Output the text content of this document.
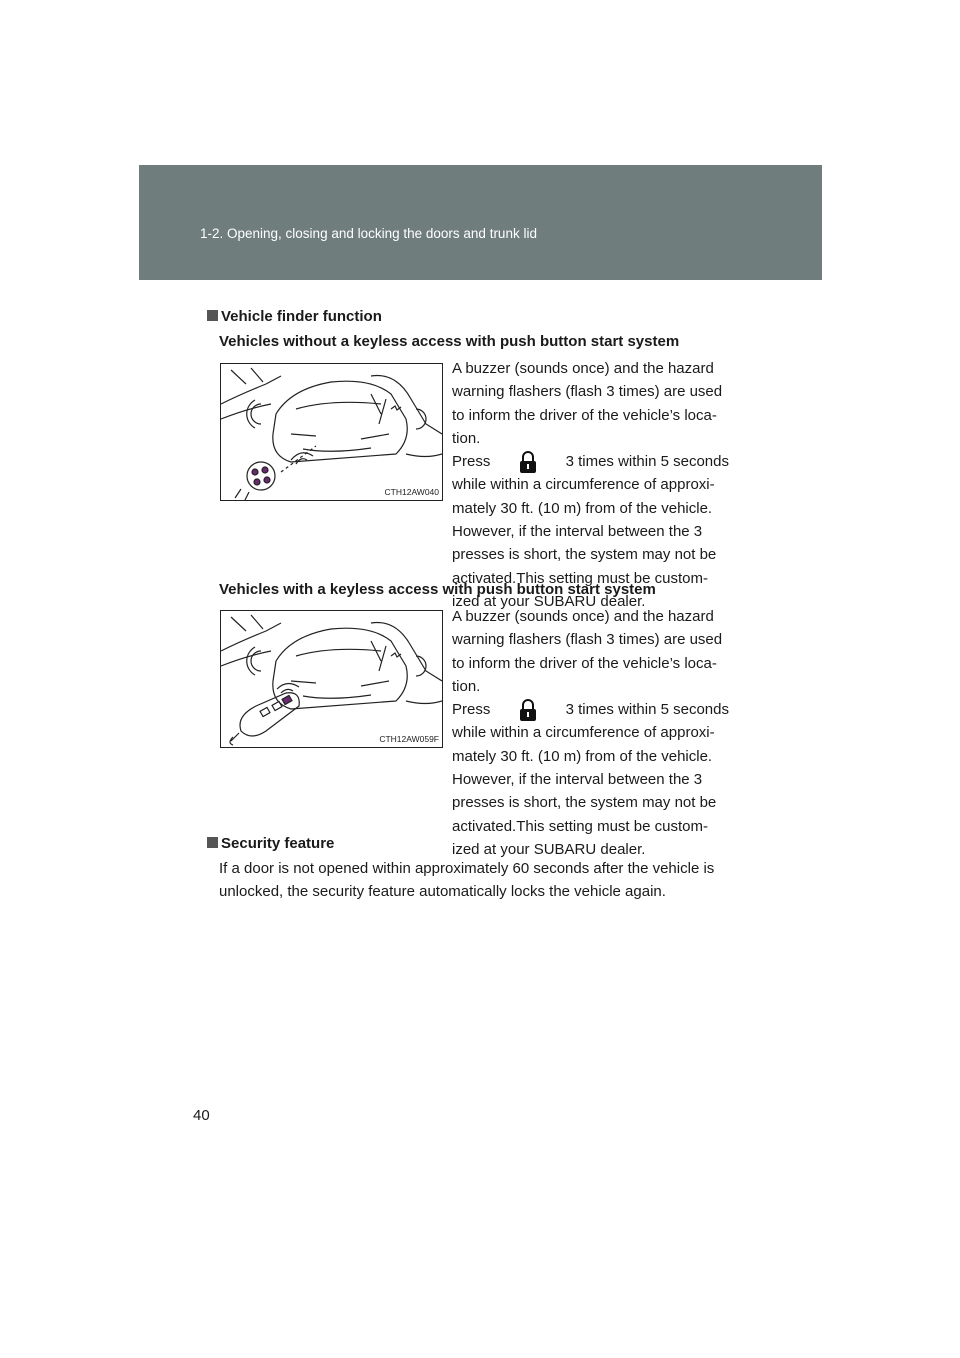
1-2. Opening, closing and locking the doors and trunk lid
Vehicle finder function
Vehicles without a keyless access with push button start system
CTH12AW040
A buzzer (sounds once) and the hazard
warning flashers (flash 3 times) are used
to inform the driver of the vehicle’s loca-
tion.
Press	3 times within 5 seconds
while within a circumference of approxi-
mately 30 ft. (10 m) from of the vehicle.
However, if the interval between the 3
presses is short, the system may not be
activated.This setting must be custom-
ized at your SUBARU dealer.
Vehicles with a keyless access with push button start system
CTH12AW059F
A buzzer (sounds once) and the hazard
warning flashers (flash 3 times) are used
to inform the driver of the vehicle’s loca-
tion.
Press	3 times within 5 seconds
while within a circumference of approxi-
mately 30 ft. (10 m) from of the vehicle.
However, if the interval between the 3
presses is short, the system may not be
activated.This setting must be custom-
ized at your SUBARU dealer.
Security feature
If a door is not opened within approximately 60 seconds after the vehicle is
unlocked, the security feature automatically locks the vehicle again.
40
